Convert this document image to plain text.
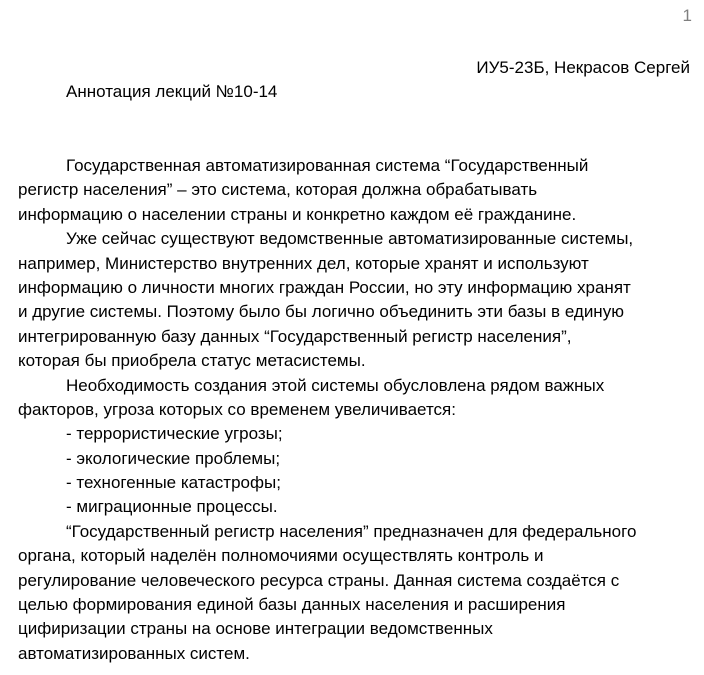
1
ИУ5-23Б, Некрасов Сергей
Аннотация лекций №10-14
Государственная автоматизированная система “Государственный
регистр населения” – это система, которая должна обрабатывать
информацию о населении страны и конкретно каждом её гражданине.
Уже сейчас существуют ведомственные автоматизированные системы,
например, Министерство внутренних дел, которые хранят и используют
информацию о личности многих граждан России, но эту информацию хранят
и другие системы. Поэтому было бы логично объединить эти базы в единую
интегрированную базу данных “Государственный регистр населения”,
которая бы приобрела статус метасистемы.
Необходимость создания этой системы обусловлена рядом важных
факторов, угроза которых со временем увеличивается:
- террористические угрозы;
- экологические проблемы;
- техногенные катастрофы;
- миграционные процессы.
“Государственный регистр населения” предназначен для федерального
органа, который наделён полномочиями осуществлять контроль и
регулирование человеческого ресурса страны. Данная система создаётся с
целью формирования единой базы данных населения и расширения
цифиризации страны на основе интеграции ведомственных
автоматизированных систем.
